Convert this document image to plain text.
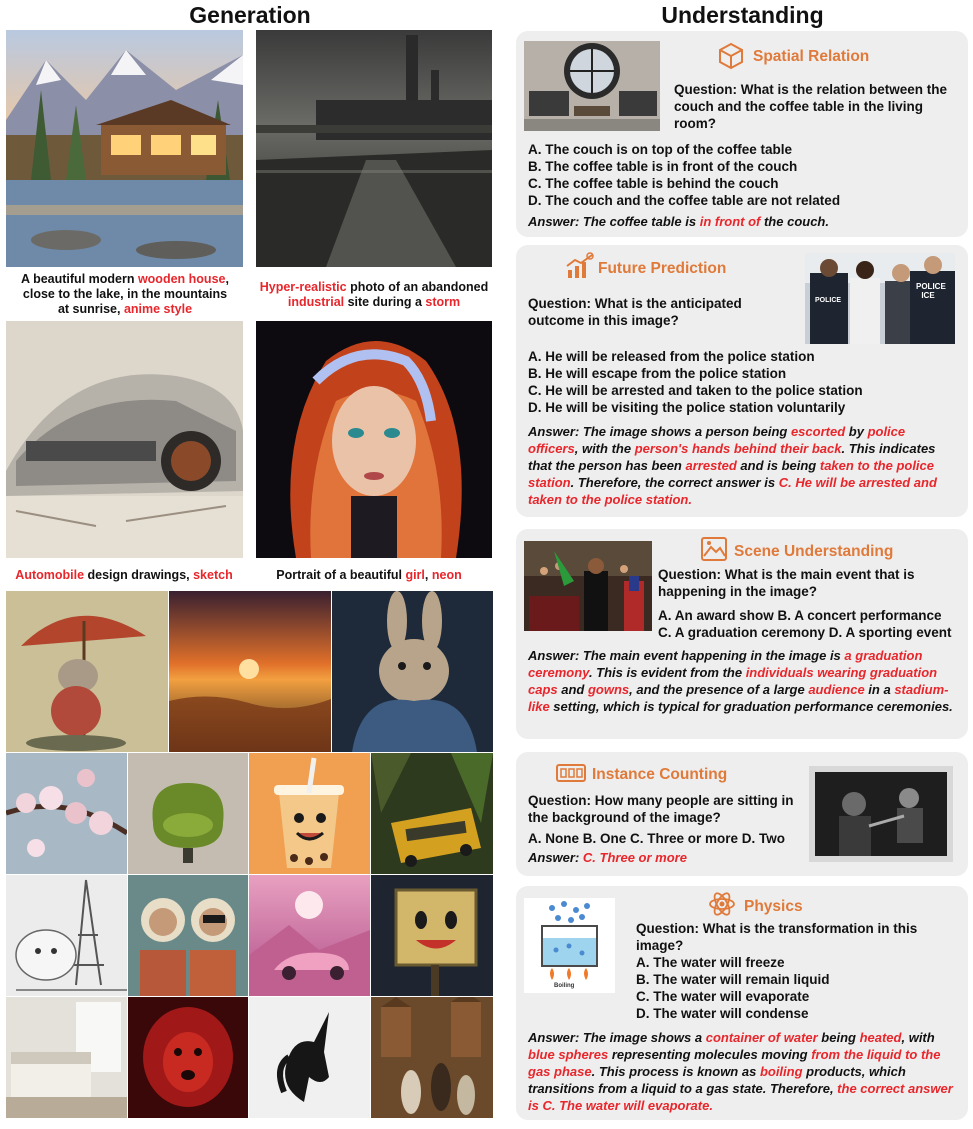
Generation	Understanding
A beautiful modern wooden house, close to the lake, in the mountains at sunrise, anime style
Hyper-realistic photo of an abandoned industrial site during a storm
Automobile design drawings, sketch	Portrait of a beautiful girl, neon
Spatial Relation
Question: What is the relation between the couch and the coffee table in the living room?
A. The couch is on top of the coffee table
B. The coffee table is in front of the couch
C. The coffee table is behind the couch
D. The couch and the coffee table are not related
Answer: The coffee table is in front of the couch.
Future Prediction
Question: What is the anticipated outcome in this image?
POLICE
POLICE ICE
A. He will be released from the police station
B. He will escape from the police station
C. He will be arrested and taken to the police station
D. He will be visiting the police station voluntarily
Answer: The image shows a person being escorted by police officers, with the person's hands behind their back. This indicates that the person has been arrested and is being taken to the police station. Therefore, the correct answer is C. He will be arrested and taken to the police station.
Scene Understanding
Question: What is the main event that is happening in the image?
A. An award show B. A concert performance
C. A graduation ceremony D. A sporting event
Answer: The main event happening in the image is a graduation ceremony. This is evident from the individuals wearing graduation caps and gowns, and the presence of a large audience in a stadium-like setting, which is typical for graduation performance ceremonies.
Instance Counting
Question: How many people are sitting in the background of the image?
A. None B. One C. Three or more D. Two
Answer: C. Three or more
Physics
Boiling
Question: What is the transformation in this image?
A. The water will freeze
B. The water will remain liquid
C. The water will evaporate
D. The water will condense
Answer: The image shows a container of water being heated, with blue spheres representing molecules moving from the liquid to the gas phase. This process is known as boiling products, which transitions from a liquid to a gas state. Therefore, the correct answer is C. The water will evaporate.
